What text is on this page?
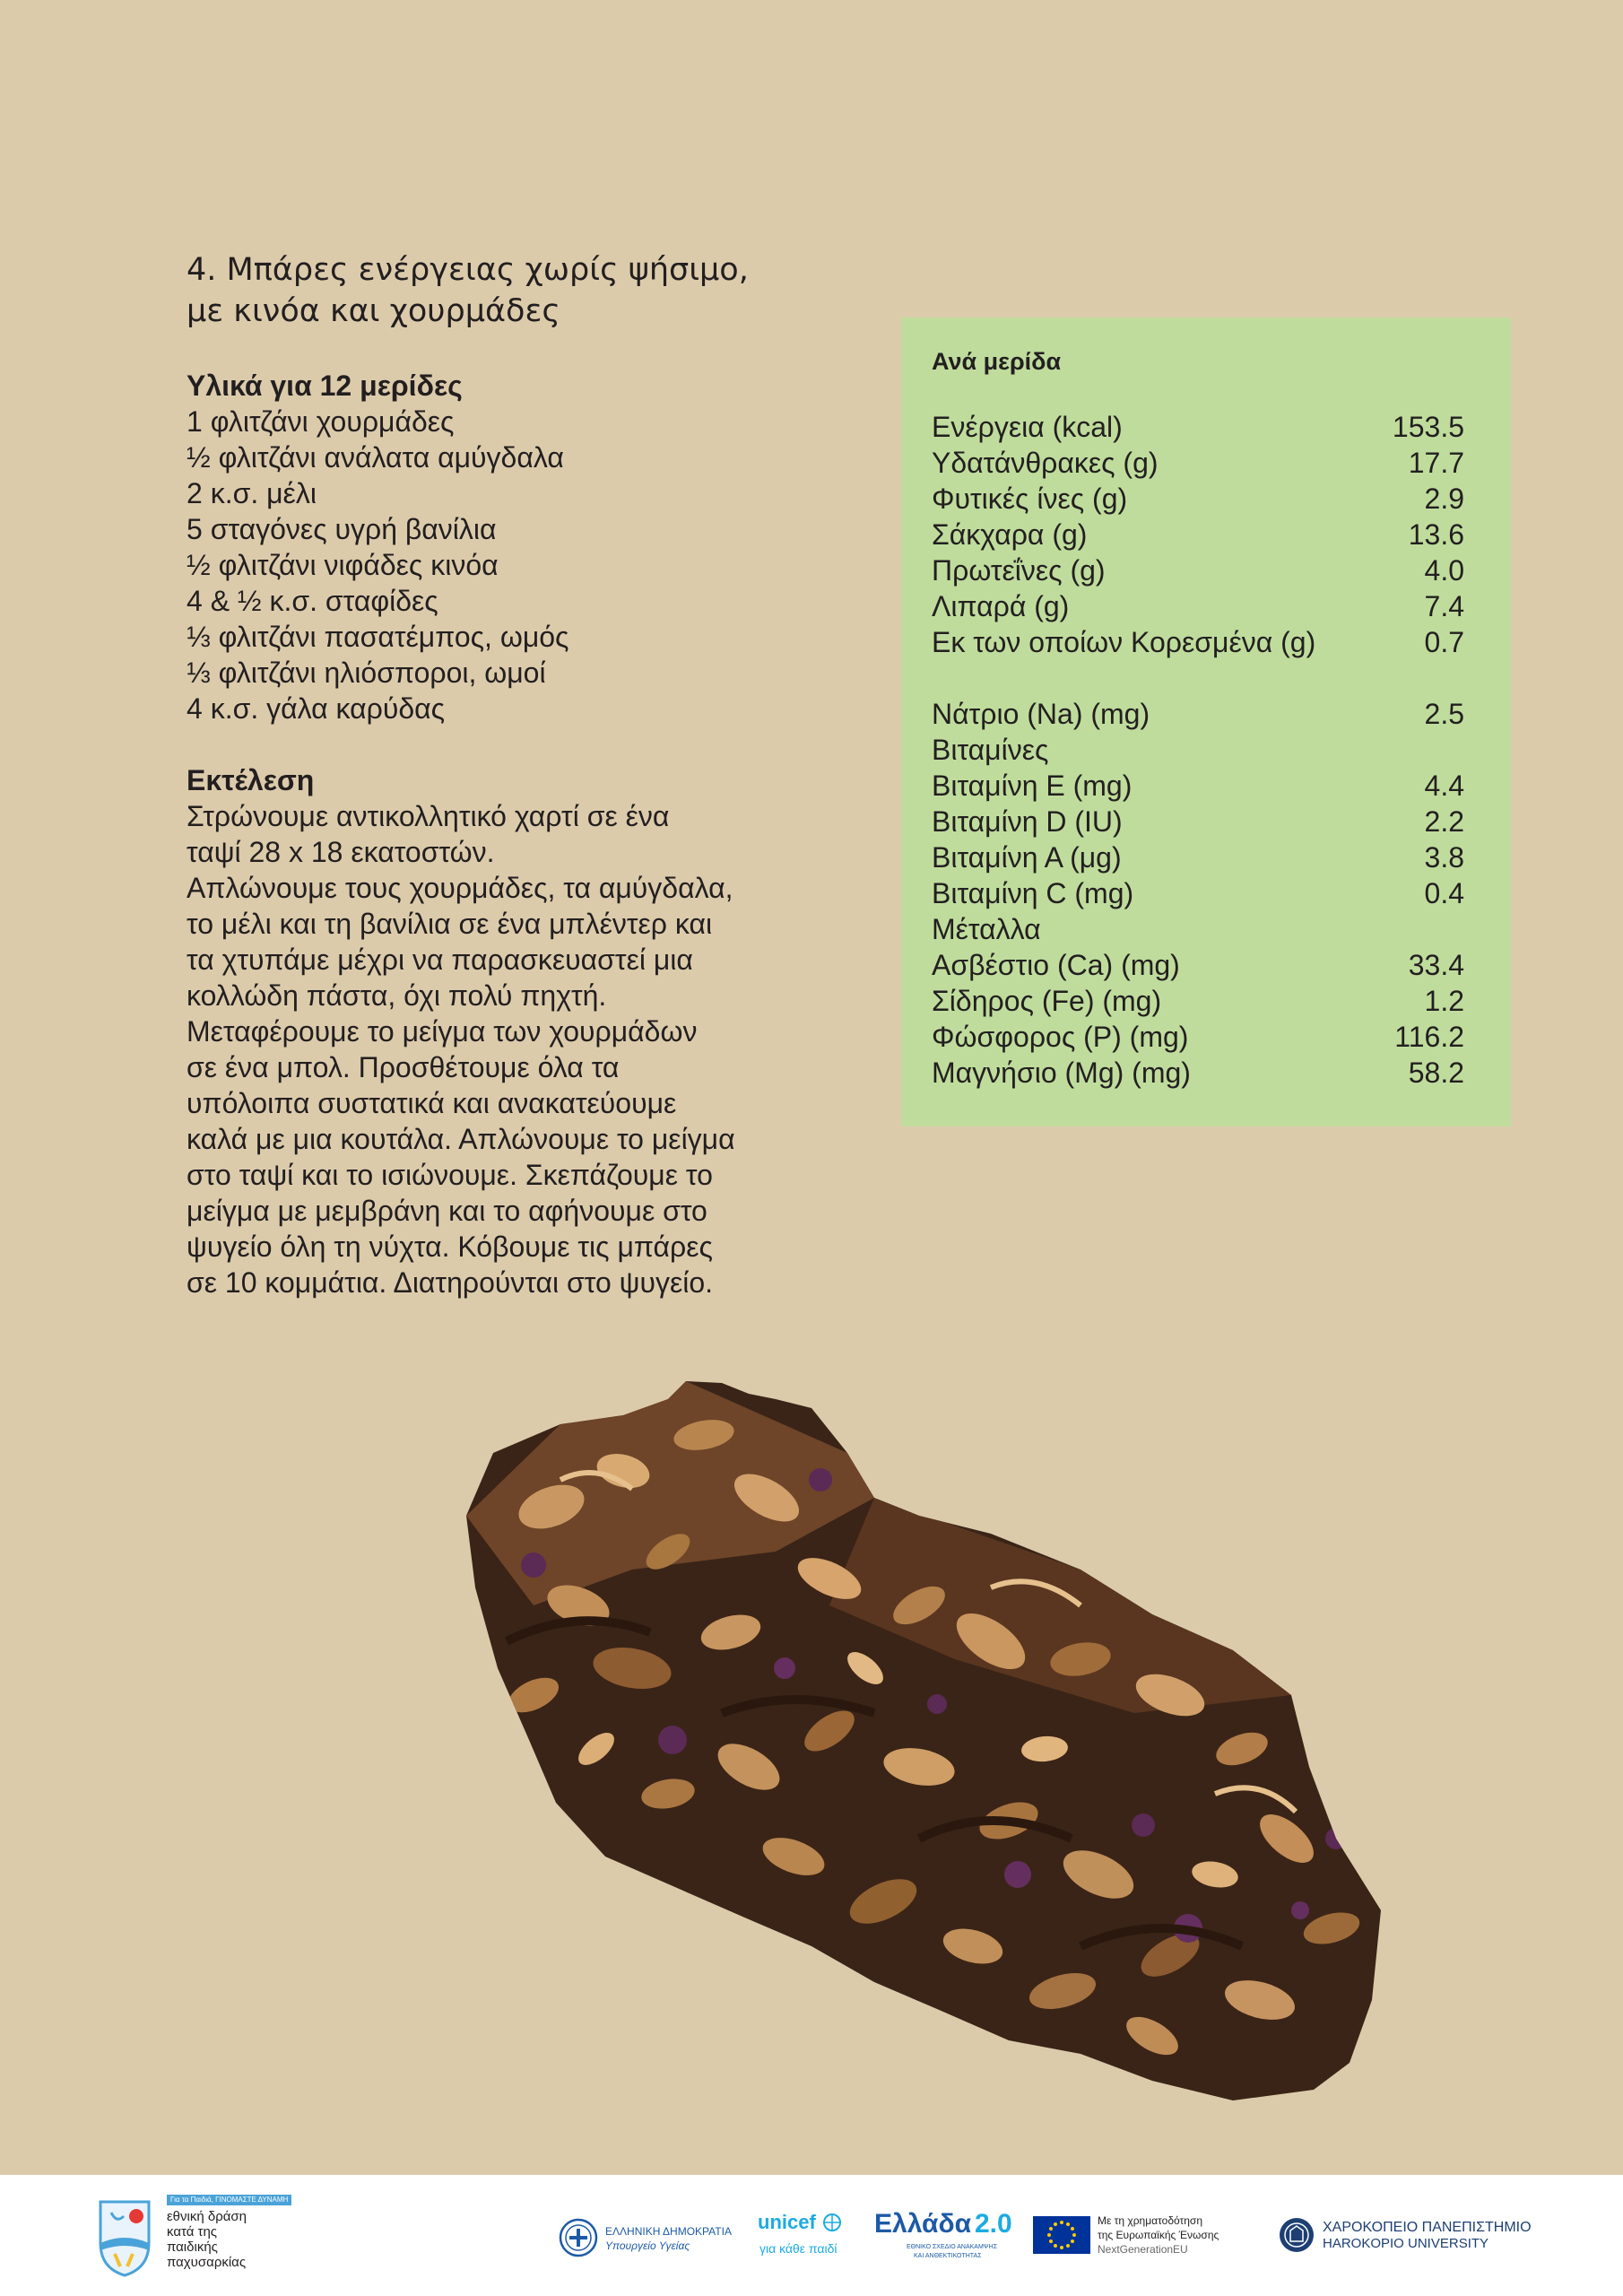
4. Μπάρες ενέργειας χωρίς ψήσιμο,
με κινόα και χουρμάδες
Υλικά για 12 μερίδες
1 φλιτζάνι χουρμάδες
½ φλιτζάνι ανάλατα αμύγδαλα
2 κ.σ. μέλι
5 σταγόνες υγρή βανίλια
½ φλιτζάνι νιφάδες κινόα
4 & ½ κ.σ. σταφίδες
⅓ φλιτζάνι πασατέμπος, ωμός
⅓ φλιτζάνι ηλιόσποροι, ωμοί
4 κ.σ. γάλα καρύδας
Εκτέλεση
Στρώνουμε αντικολλητικό χαρτί σε ένα
ταψί 28 x 18 εκατοστών.
Απλώνουμε τους χουρμάδες, τα αμύγδαλα,
το μέλι και τη βανίλια σε ένα μπλέντερ και
τα χτυπάμε μέχρι να παρασκευαστεί μια
κολλώδη πάστα, όχι πολύ πηχτή.
Μεταφέρουμε το μείγμα των χουρμάδων
σε ένα μπολ. Προσθέτουμε όλα τα
υπόλοιπα συστατικά και ανακατεύουμε
καλά με μια κουτάλα. Απλώνουμε το μείγμα
στο ταψί και το ισιώνουμε. Σκεπάζουμε το
μείγμα με μεμβράνη και το αφήνουμε στο
ψυγείο όλη τη νύχτα. Κόβουμε τις μπάρες
σε 10 κομμάτια. Διατηρούνται στο ψυγείο.
Ανά μερίδα
Ενέργεια (kcal)	153.5
Υδατάνθρακες (g)	17.7
Φυτικές ίνες (g)	2.9
Σάκχαρα (g)	13.6
Πρωτεΐνες (g)	4.0
Λιπαρά (g)	7.4
Εκ των οποίων Κορεσμένα (g)	0.7
Νάτριο (Na) (mg)	2.5
Βιταμίνες
Βιταμίνη Ε (mg)	4.4
Βιταμίνη D (IU)	2.2
Βιταμίνη Α (μg)	3.8
Βιταμίνη C (mg)	0.4
Μέταλλα
Ασβέστιο (Ca) (mg)	33.4
Σίδηρος (Fe) (mg)	1.2
Φώσφορος (P) (mg)	116.2
Μαγνήσιο (Mg) (mg)	58.2
Για τα Παιδιά, ΓΙΝΟΜΑΣΤΕ ΔΥΝΑΜΗ
εθνική δράση
κατά της
παιδικής
παχυσαρκίας
ΕΛΛΗΝΙΚΗ ΔΗΜΟΚΡΑΤΙΑ
Υπουργείο Υγείας
unicef
για κάθε παιδί
Ελλάδα 2.0
ΕΘΝΙΚΟ ΣΧΕΔΙΟ ΑΝΑΚΑΜΨΗΣ
ΚΑΙ ΑΝΘΕΚΤΙΚΟΤΗΤΑΣ
Με τη χρηματοδότηση
της Ευρωπαϊκής Ένωσης
NextGenerationEU
ΧΑΡΟΚΟΠΕΙΟ ΠΑΝΕΠΙΣΤΗΜΙΟ
HAROKOPIO UNIVERSITY
